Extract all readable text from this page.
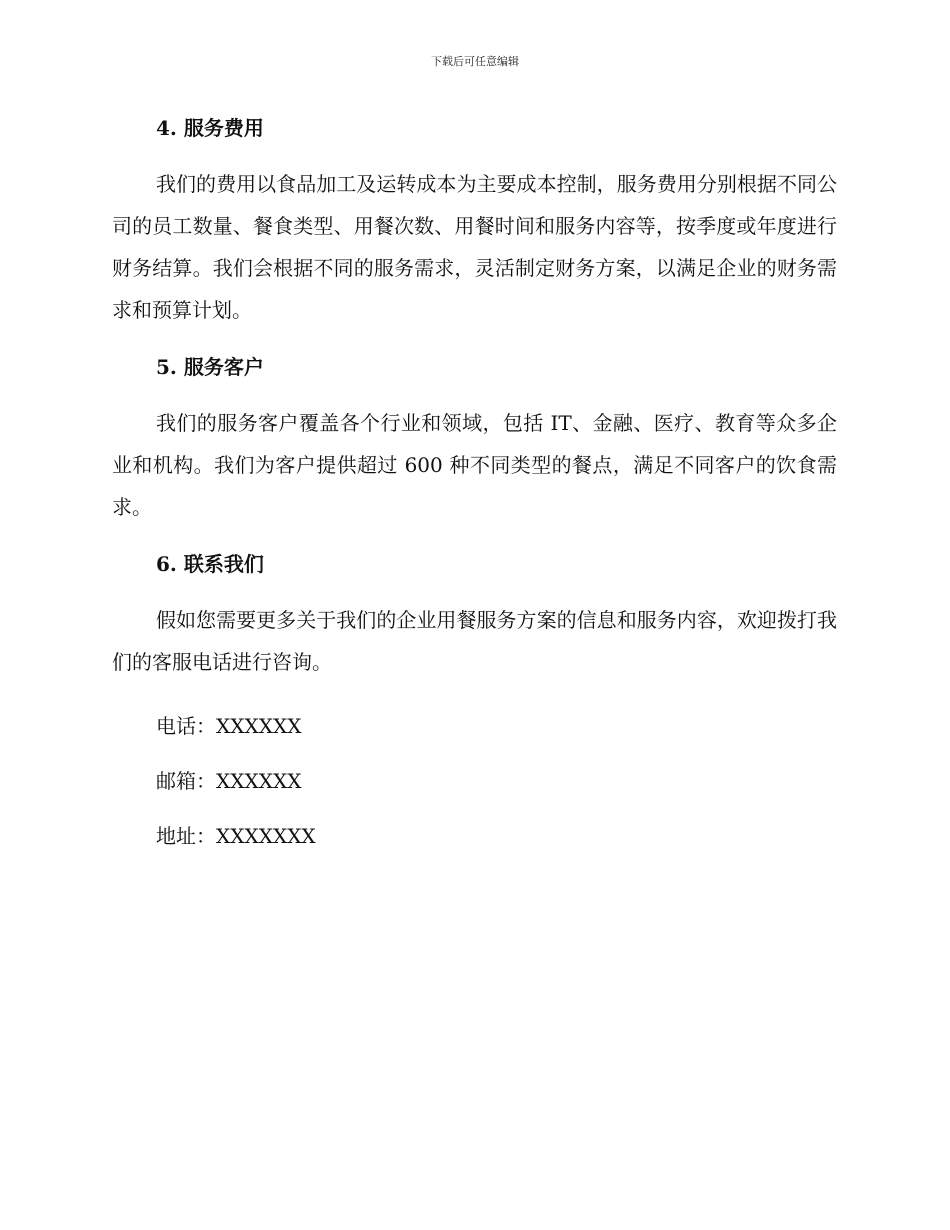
下载后可任意编辑
4. 服务费用

我们的费用以食品加工及运转成本为主要成本控制，服务费用分别根据不同公司的员工数量、餐食类型、用餐次数、用餐时间和服务内容等，按季度或年度进行财务结算。我们会根据不同的服务需求，灵活制定财务方案，以满足企业的财务需求和预算计划。

5. 服务客户

我们的服务客户覆盖各个行业和领域，包括 IT、金融、医疗、教育等众多企业和机构。我们为客户提供超过 600 种不同类型的餐点，满足不同客户的饮食需求。

6. 联系我们

假如您需要更多关于我们的企业用餐服务方案的信息和服务内容，欢迎拨打我们的客服电话进行咨询。

电话：XXXXXX

邮箱：XXXXXX

地址：XXXXXXX
